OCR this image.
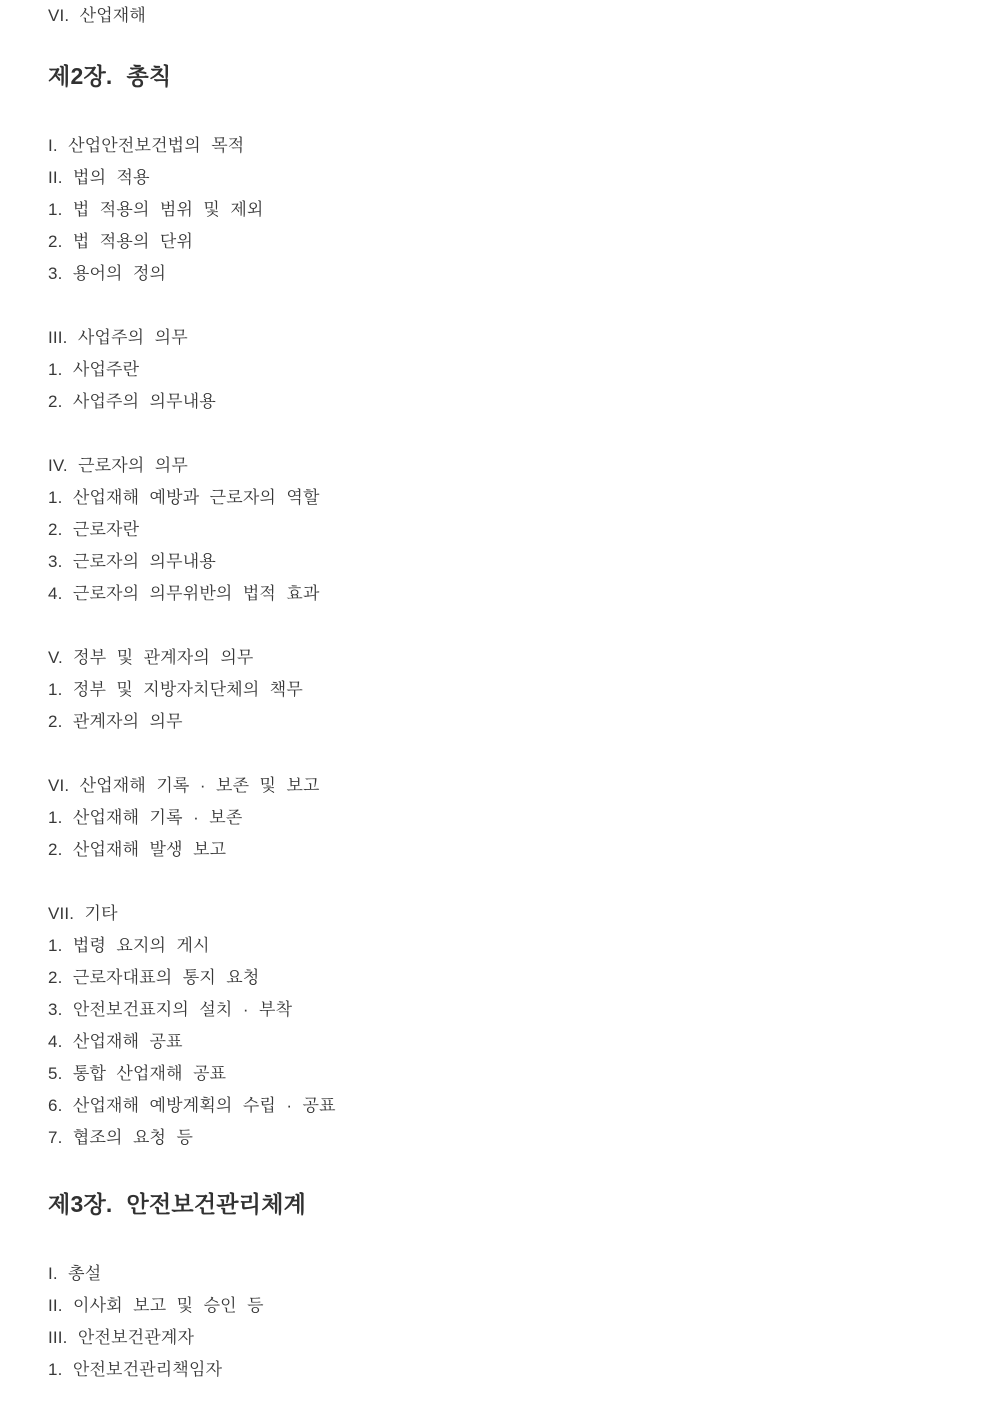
VI. 산업재해
제2장. 총칙
I. 산업안전보건법의 목적
II. 법의 적용
1. 법 적용의 범위 및 제외
2. 법 적용의 단위
3. 용어의 정의
III. 사업주의 의무
1. 사업주란
2. 사업주의 의무내용
IV. 근로자의 의무
1. 산업재해 예방과 근로자의 역할
2. 근로자란
3. 근로자의 의무내용
4. 근로자의 의무위반의 법적 효과
V. 정부 및 관계자의 의무
1. 정부 및 지방자치단체의 책무
2. 관계자의 의무
VI. 산업재해 기록 · 보존 및 보고
1. 산업재해 기록 · 보존
2. 산업재해 발생 보고
VII. 기타
1. 법령 요지의 게시
2. 근로자대표의 통지 요청
3. 안전보건표지의 설치 · 부착
4. 산업재해 공표
5. 통합 산업재해 공표
6. 산업재해 예방계획의 수립 · 공표
7. 협조의 요청 등
제3장. 안전보건관리체계
I. 총설
II. 이사회 보고 및 승인 등
III. 안전보건관계자
1. 안전보건관리책임자
